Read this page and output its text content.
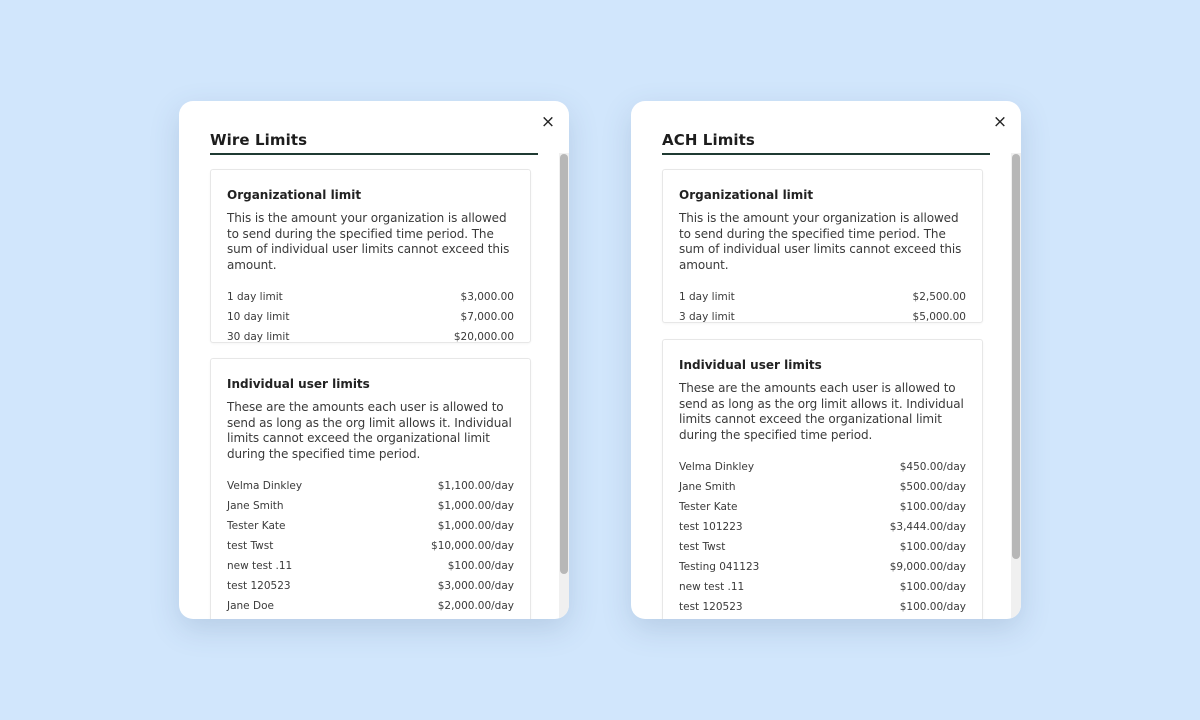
×
Wire Limits
Organizational limit
This is the amount your organization is allowed to send during the specified time period. The sum of individual user limits cannot exceed this amount.
1 day limit	$3,000.00
10 day limit	$7,000.00
30 day limit	$20,000.00
Individual user limits
These are the amounts each user is allowed to send as long as the org limit allows it. Individual limits cannot exceed the organizational limit during the specified time period.
Velma Dinkley	$1,100.00/day
Jane Smith	$1,000.00/day
Tester Kate	$1,000.00/day
test Twst	$10,000.00/day
new test .11	$100.00/day
test 120523	$3,000.00/day
Jane Doe	$2,000.00/day
×
ACH Limits
Organizational limit
This is the amount your organization is allowed to send during the specified time period. The sum of individual user limits cannot exceed this amount.
1 day limit	$2,500.00
3 day limit	$5,000.00
Individual user limits
These are the amounts each user is allowed to send as long as the org limit allows it. Individual limits cannot exceed the organizational limit during the specified time period.
Velma Dinkley	$450.00/day
Jane Smith	$500.00/day
Tester Kate	$100.00/day
test 101223	$3,444.00/day
test Twst	$100.00/day
Testing 041123	$9,000.00/day
new test .11	$100.00/day
test 120523	$100.00/day
